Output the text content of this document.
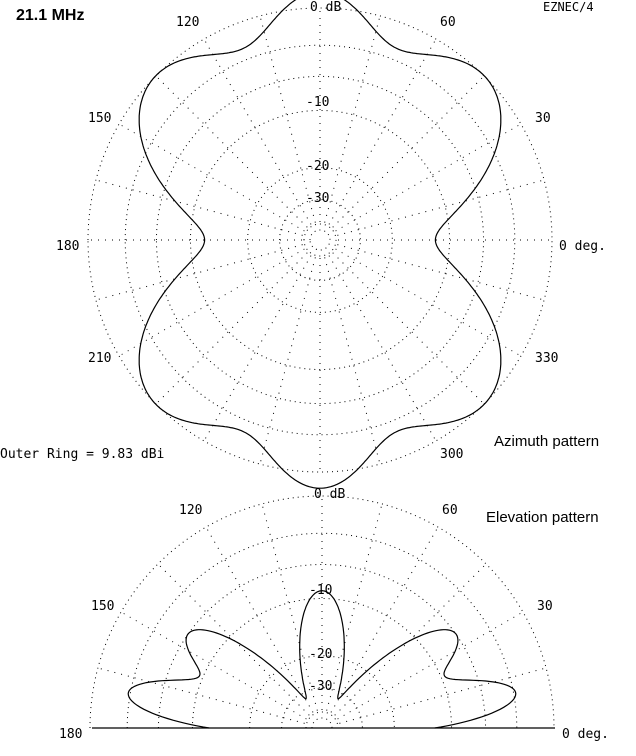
21.1 MHz	EZNEC/4
0 dB
120	60
150	30
180	0 deg.
210	330
300
-10
-20
-30
Azimuth pattern
Outer Ring = 9.83 dBi
0 dB
120	60 Elevation pattern
150	30
180	0 deg.
-10
-20
-30
